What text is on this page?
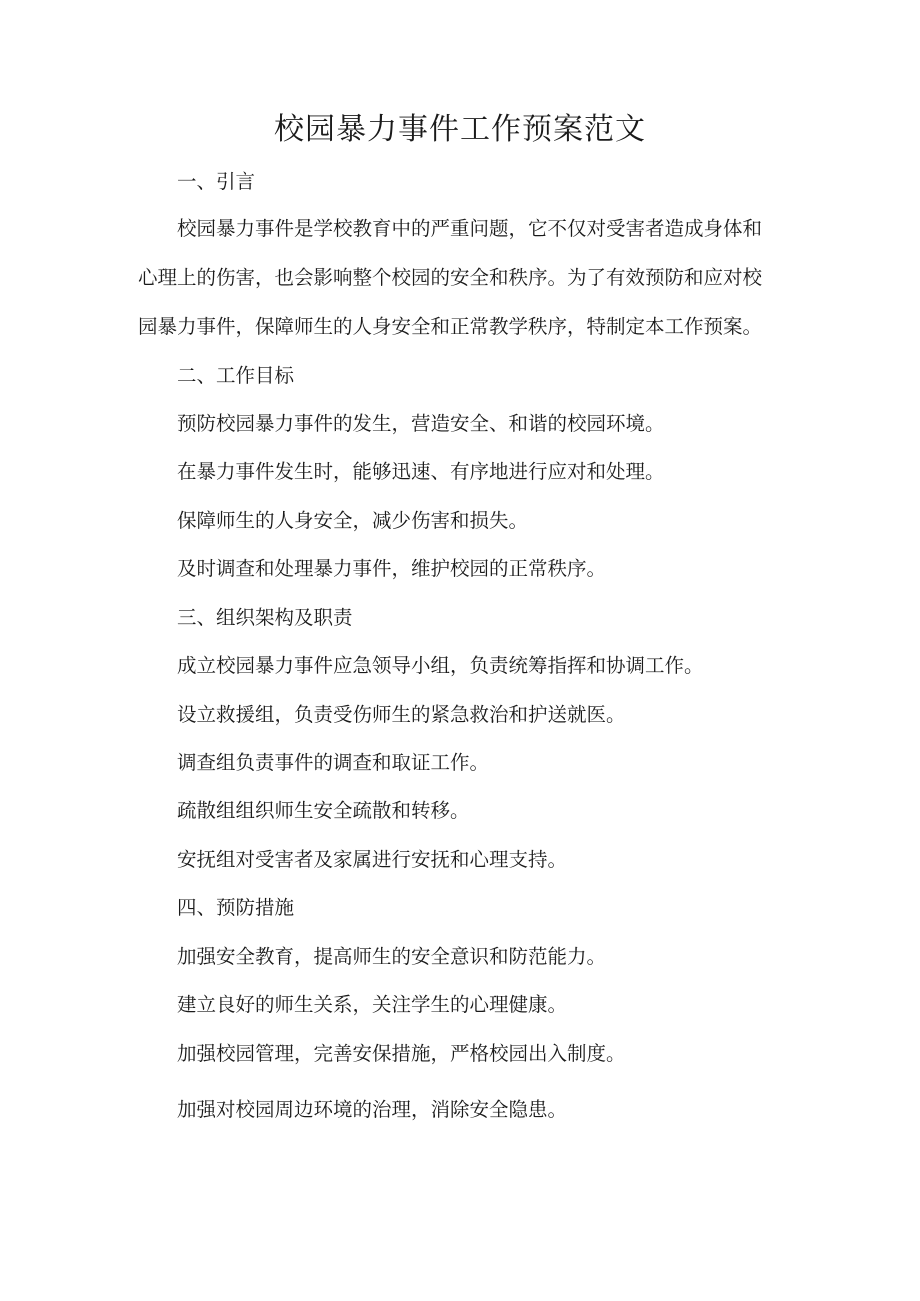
校园暴力事件工作预案范文
一、引言
校园暴力事件是学校教育中的严重问题，它不仅对受害者造成身体和
心理上的伤害，也会影响整个校园的安全和秩序。为了有效预防和应对校
园暴力事件，保障师生的人身安全和正常教学秩序，特制定本工作预案。
二、工作目标
预防校园暴力事件的发生，营造安全、和谐的校园环境。
在暴力事件发生时，能够迅速、有序地进行应对和处理。
保障师生的人身安全，减少伤害和损失。
及时调查和处理暴力事件，维护校园的正常秩序。
三、组织架构及职责
成立校园暴力事件应急领导小组，负责统筹指挥和协调工作。
设立救援组，负责受伤师生的紧急救治和护送就医。
调查组负责事件的调查和取证工作。
疏散组组织师生安全疏散和转移。
安抚组对受害者及家属进行安抚和心理支持。
四、预防措施
加强安全教育，提高师生的安全意识和防范能力。
建立良好的师生关系，关注学生的心理健康。
加强校园管理，完善安保措施，严格校园出入制度。
加强对校园周边环境的治理，消除安全隐患。
